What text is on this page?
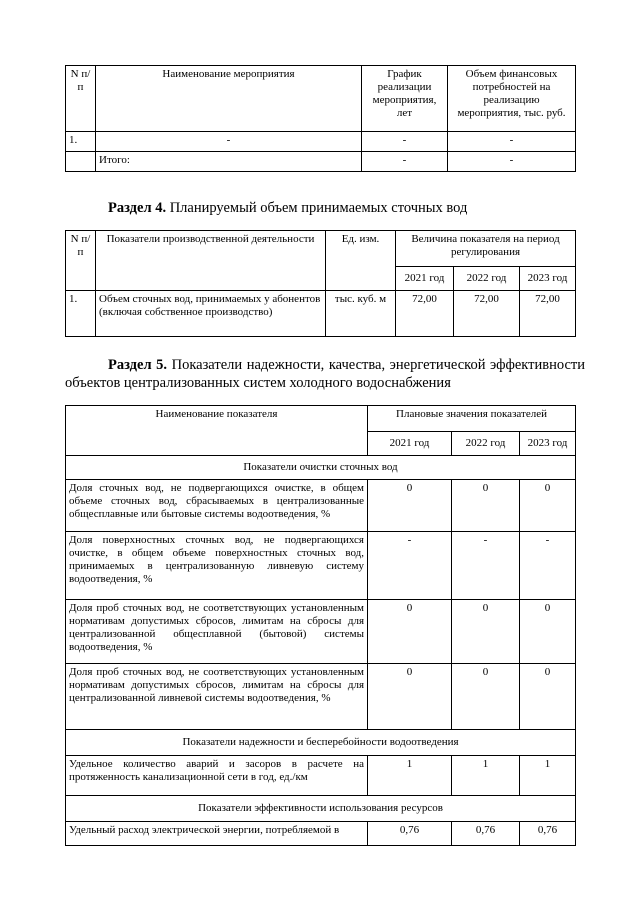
N п/п	Наименование мероприятия	График реализации мероприятия, лет	Объем финансовых потребностей на реализацию мероприятия, тыс. руб.
1.	-	-	-
	Итого:	-	-
Раздел 4. Планируемый объем принимаемых сточных вод
N п/п	Показатели производственной деятельности	Ед. изм.	Величина показателя на период регулирования		
			2021 год	2022 год	2023 год
1.	Объем сточных вод, принимаемых у абонентов (включая собственное производство)	тыс. куб. м	72,00	72,00	72,00
Раздел 5. Показатели надежности, качества, энергетической эффективности
объектов централизованных систем холодного водоснабжения
Наименование показателя	Плановые значения показателей		
	2021 год	2022 год	2023 год
Показатели очистки сточных вод			
Доля сточных вод, не подвергающихся очистке, в общем объеме сточных вод, сбрасываемых в централизованные общесплавные или бытовые системы водоотведения, %	0	0	0
Доля поверхностных сточных вод, не подвергающихся очистке, в общем объеме поверхностных сточных вод, принимаемых в централизованную ливневую систему водоотведения, %	-	-	-
Доля проб сточных вод, не соответствующих установленным нормативам допустимых сбросов, лимитам на сбросы для централизованной общесплавной (бытовой) системы водоотведения, %	0	0	0
Доля проб сточных вод, не соответствующих установленным нормативам допустимых сбросов, лимитам на сбросы для централизованной ливневой системы водоотведения, %	0	0	0
Показатели надежности и бесперебойности водоотведения			
Удельное количество аварий и засоров в расчете на протяженность канализационной сети в год, ед./км	1	1	1
Показатели эффективности использования ресурсов			
Удельный расход электрической энергии, потребляемой в	0,76	0,76	0,76
